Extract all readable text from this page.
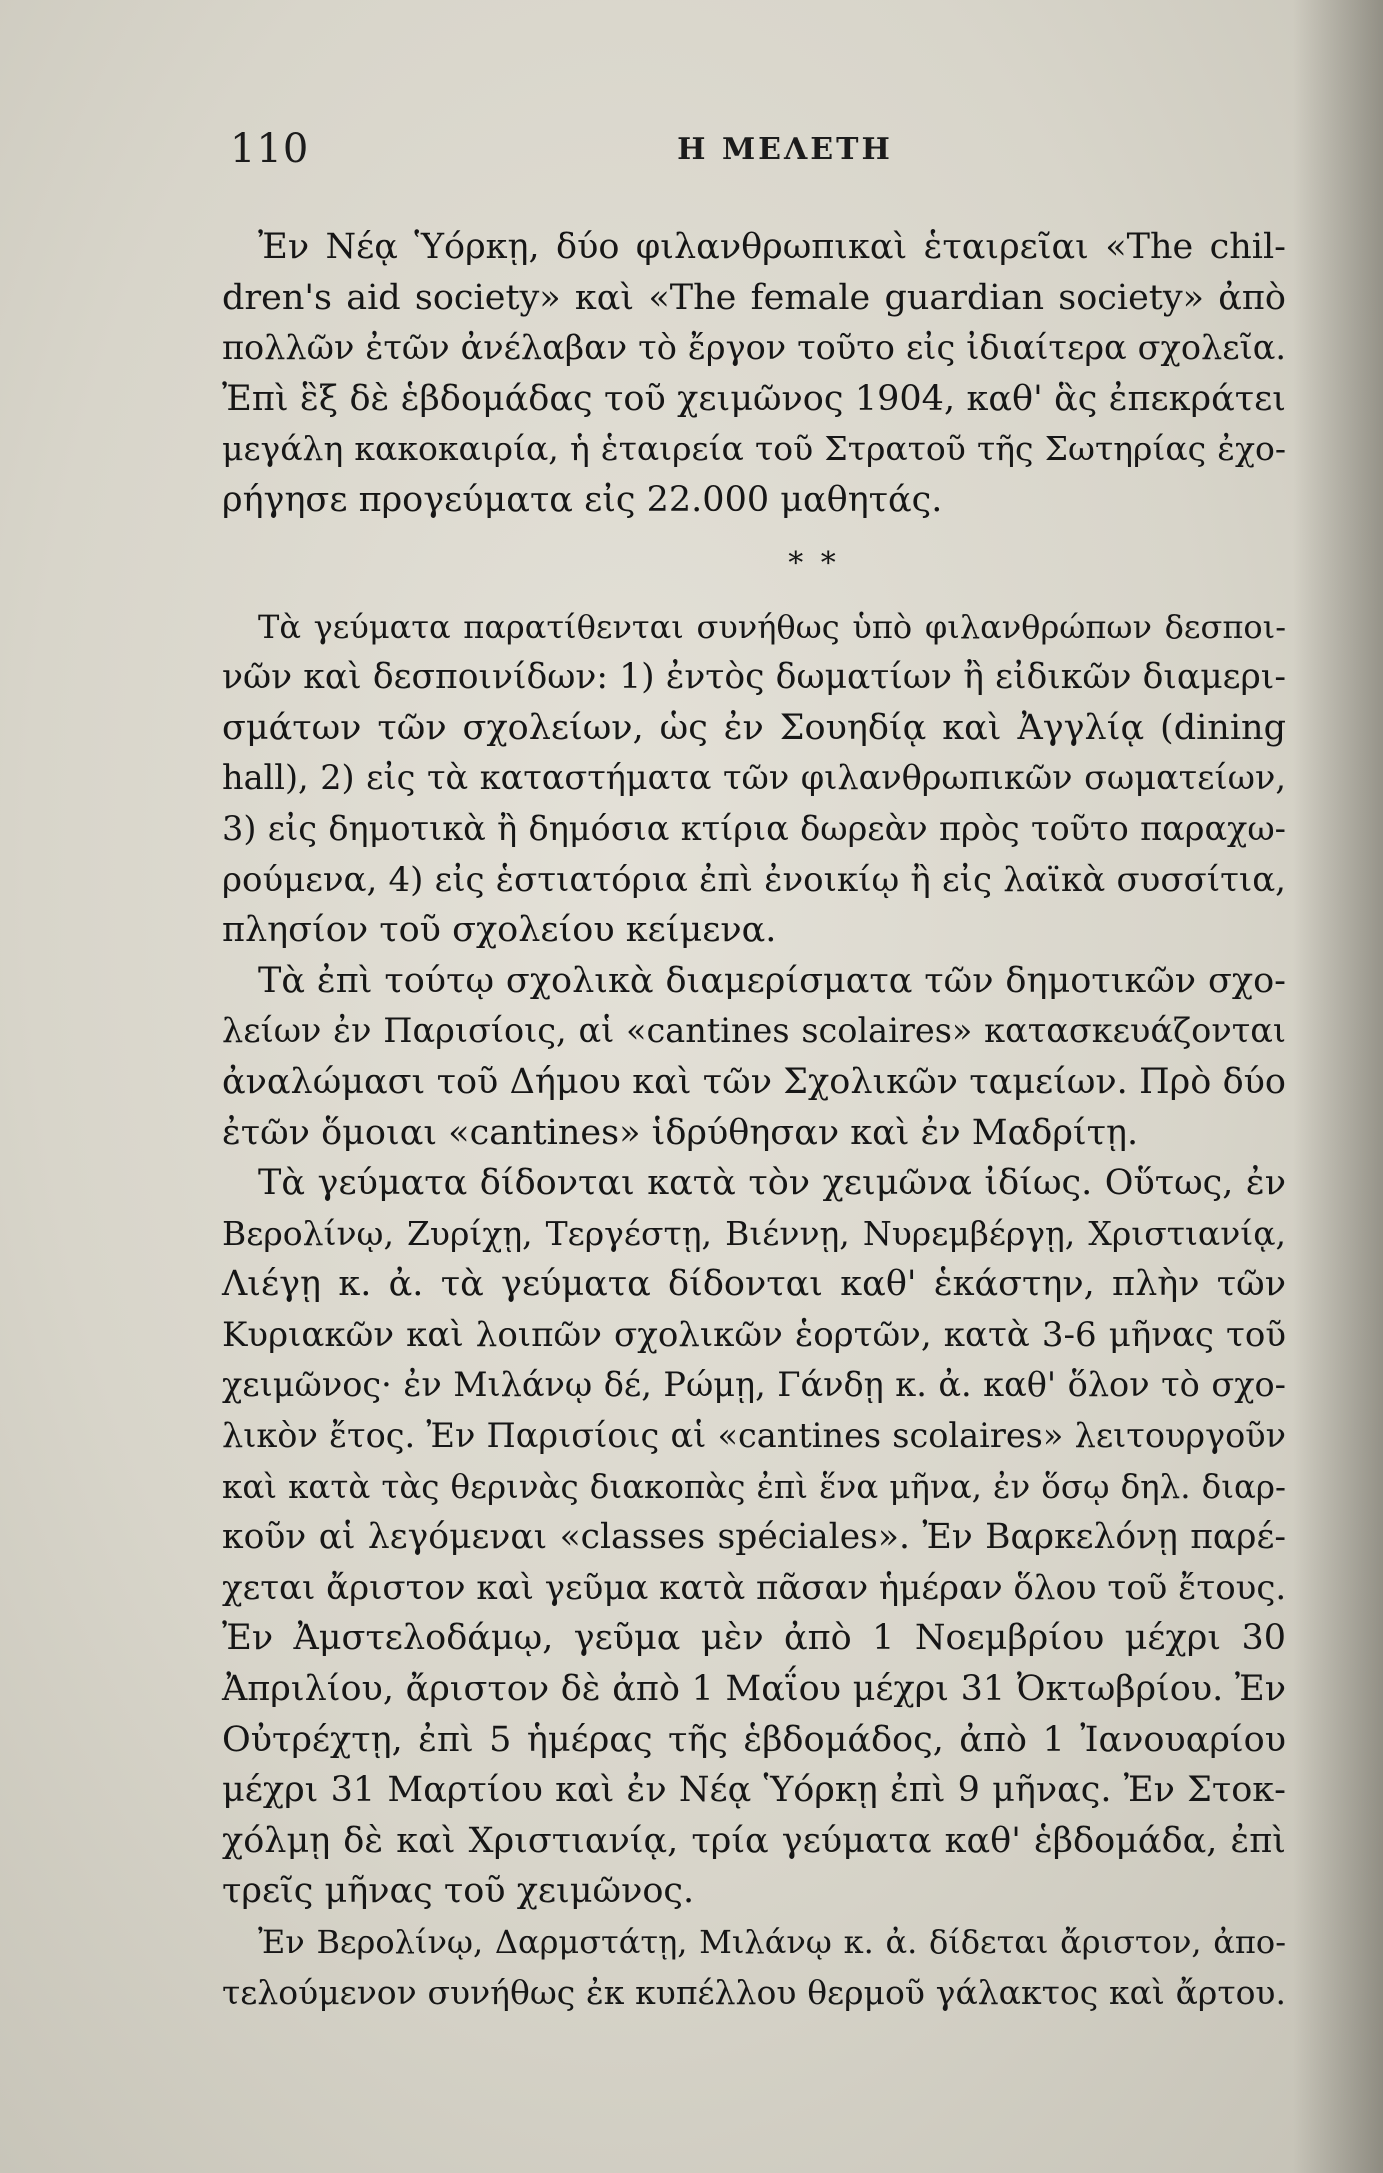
110	Η ΜΕΛΕΤΗ
Ἐν Νέᾳ Ὑόρκῃ, δύο φιλανθρωπικαὶ ἑταιρεῖαι «The chil-
dren's aid society» καὶ «The female guardian society» ἀπὸ
πολλῶν ἐτῶν ἀνέλαβαν τὸ ἔργον τοῦτο εἰς ἰδιαίτερα σχολεῖα.
Ἐπὶ ἓξ δὲ ἑβδομάδας τοῦ χειμῶνος 1904, καθ' ἃς ἐπεκράτει
μεγάλη κακοκαιρία, ἡ ἑταιρεία τοῦ Στρατοῦ τῆς Σωτηρίας ἐχο-
ρήγησε προγεύματα εἰς 22.000 μαθητάς.
* *
Τὰ γεύματα παρατίθενται συνήθως ὑπὸ φιλανθρώπων δεσποι-
νῶν καὶ δεσποινίδων: 1) ἐντὸς δωματίων ἢ εἰδικῶν διαμερι-
σμάτων τῶν σχολείων, ὡς ἐν Σουηδίᾳ καὶ Ἀγγλίᾳ (dining
hall), 2) εἰς τὰ καταστήματα τῶν φιλανθρωπικῶν σωματείων,
3) εἰς δημοτικὰ ἢ δημόσια κτίρια δωρεὰν πρὸς τοῦτο παραχω-
ρούμενα, 4) εἰς ἑστιατόρια ἐπὶ ἐνοικίῳ ἢ εἰς λαϊκὰ συσσίτια,
πλησίον τοῦ σχολείου κείμενα.
Τὰ ἐπὶ τούτῳ σχολικὰ διαμερίσματα τῶν δημοτικῶν σχο-
λείων ἐν Παρισίοις, αἱ «cantines scolaires» κατασκευάζονται
ἀναλώμασι τοῦ Δήμου καὶ τῶν Σχολικῶν ταμείων. Πρὸ δύο
ἐτῶν ὅμοιαι «cantines» ἱδρύθησαν καὶ ἐν Μαδρίτῃ.
Τὰ γεύματα δίδονται κατὰ τὸν χειμῶνα ἰδίως. Οὕτως, ἐν
Βερολίνῳ, Ζυρίχῃ, Τεργέστῃ, Βιέννῃ, Νυρεμβέργῃ, Χριστιανίᾳ,
Λιέγῃ κ. ἀ. τὰ γεύματα δίδονται καθ' ἑκάστην, πλὴν τῶν
Κυριακῶν καὶ λοιπῶν σχολικῶν ἑορτῶν, κατὰ 3-6 μῆνας τοῦ
χειμῶνος· ἐν Μιλάνῳ δέ, Ρώμῃ, Γάνδῃ κ. ἀ. καθ' ὅλον τὸ σχο-
λικὸν ἔτος. Ἐν Παρισίοις αἱ «cantines scolaires» λειτουργοῦν
καὶ κατὰ τὰς θερινὰς διακοπὰς ἐπὶ ἕνα μῆνα, ἐν ὅσῳ δηλ. διαρ-
κοῦν αἱ λεγόμεναι «classes spéciales». Ἐν Βαρκελόνῃ παρέ-
χεται ἄριστον καὶ γεῦμα κατὰ πᾶσαν ἡμέραν ὅλου τοῦ ἔτους.
Ἐν Ἀμστελοδάμῳ, γεῦμα μὲν ἀπὸ 1 Νοεμβρίου μέχρι 30
Ἀπριλίου, ἄριστον δὲ ἀπὸ 1 Μαΐου μέχρι 31 Ὀκτωβρίου. Ἐν
Οὐτρέχτῃ, ἐπὶ 5 ἡμέρας τῆς ἑβδομάδος, ἀπὸ 1 Ἰανουαρίου
μέχρι 31 Μαρτίου καὶ ἐν Νέᾳ Ὑόρκῃ ἐπὶ 9 μῆνας. Ἐν Στοκ-
χόλμῃ δὲ καὶ Χριστιανίᾳ, τρία γεύματα καθ' ἑβδομάδα, ἐπὶ
τρεῖς μῆνας τοῦ χειμῶνος.
Ἐν Βερολίνῳ, Δαρμστάτῃ, Μιλάνῳ κ. ἀ. δίδεται ἄριστον, ἀπο-
τελούμενον συνήθως ἐκ κυπέλλου θερμοῦ γάλακτος καὶ ἄρτου.
